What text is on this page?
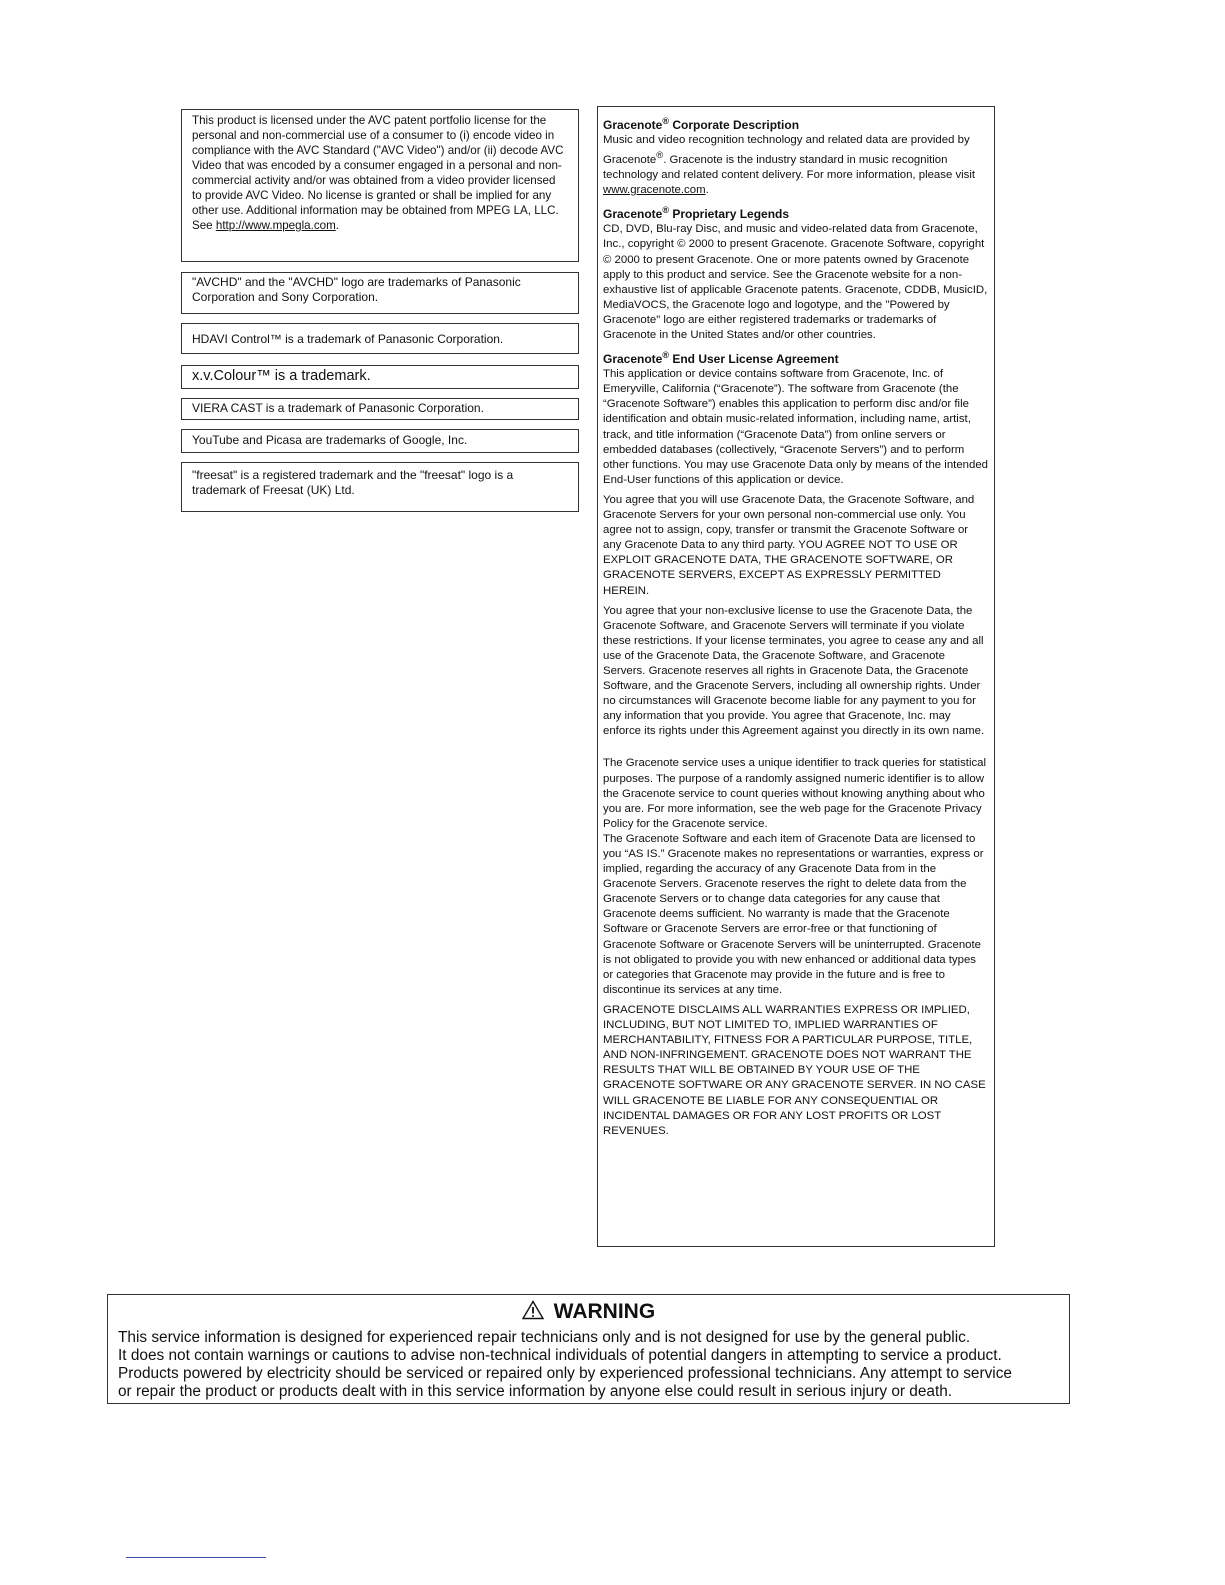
This product is licensed under the AVC patent portfolio license for the personal and non-commercial use of a consumer to (i) encode video in compliance with the AVC Standard ("AVC Video") and/or (ii) decode AVC Video that was encoded by a consumer engaged in a personal and non-commercial activity and/or was obtained from a video provider licensed to provide AVC Video. No license is granted or shall be implied for any other use. Additional information may be obtained from MPEG LA, LLC. See http://www.mpegla.com.

"AVCHD" and the "AVCHD" logo are trademarks of Panasonic Corporation and Sony Corporation.
HDAVI Control™ is a trademark of Panasonic Corporation.
x.v.Colour™ is a trademark.
VIERA CAST is a trademark of Panasonic Corporation.
YouTube and Picasa are trademarks of Google, Inc.
"freesat" is a registered trademark and the "freesat" logo is a trademark of Freesat (UK) Ltd.
Gracenote® Corporate Description

Music and video recognition technology and related data are provided by Gracenote®. Gracenote is the industry standard in music recognition technology and related content delivery. For more information, please visit www.gracenote.com.

Gracenote® Proprietary Legends

CD, DVD, Blu-ray Disc, and music and video-related data from Gracenote, Inc., copyright © 2000 to present Gracenote. Gracenote Software, copyright © 2000 to present Gracenote. One or more patents owned by Gracenote apply to this product and service. See the Gracenote website for a non-exhaustive list of applicable Gracenote patents. Gracenote, CDDB, MusicID, MediaVOCS, the Gracenote logo and logotype, and the "Powered by Gracenote" logo are either registered trademarks or trademarks of Gracenote in the United States and/or other countries.

Gracenote® End User License Agreement

This application or device contains software from Gracenote, Inc. of Emeryville, California (“Gracenote”). The software from Gracenote (the “Gracenote Software”) enables this application to perform disc and/or file identification and obtain music-related information, including name, artist, track, and title information (“Gracenote Data”) from online servers or embedded databases (collectively, “Gracenote Servers”) and to perform other functions. You may use Gracenote Data only by means of the intended End-User functions of this application or device.

You agree that you will use Gracenote Data, the Gracenote Software, and Gracenote Servers for your own personal non-commercial use only. You agree not to assign, copy, transfer or transmit the Gracenote Software or any Gracenote Data to any third party. YOU AGREE NOT TO USE OR EXPLOIT GRACENOTE DATA, THE GRACENOTE SOFTWARE, OR GRACENOTE SERVERS, EXCEPT AS EXPRESSLY PERMITTED HEREIN.

You agree that your non-exclusive license to use the Gracenote Data, the Gracenote Software, and Gracenote Servers will terminate if you violate these restrictions. If your license terminates, you agree to cease any and all use of the Gracenote Data, the Gracenote Software, and Gracenote Servers. Gracenote reserves all rights in Gracenote Data, the Gracenote Software, and the Gracenote Servers, including all ownership rights. Under no circumstances will Gracenote become liable for any payment to you for any information that you provide. You agree that Gracenote, Inc. may enforce its rights under this Agreement against you directly in its own name.

The Gracenote service uses a unique identifier to track queries for statistical purposes. The purpose of a randomly assigned numeric identifier is to allow the Gracenote service to count queries without knowing anything about who you are. For more information, see the web page for the Gracenote Privacy Policy for the Gracenote service.

The Gracenote Software and each item of Gracenote Data are licensed to you “AS IS.” Gracenote makes no representations or warranties, express or implied, regarding the accuracy of any Gracenote Data from in the Gracenote Servers. Gracenote reserves the right to delete data from the Gracenote Servers or to change data categories for any cause that Gracenote deems sufficient. No warranty is made that the Gracenote Software or Gracenote Servers are error-free or that functioning of Gracenote Software or Gracenote Servers will be uninterrupted. Gracenote is not obligated to provide you with new enhanced or additional data types or categories that Gracenote may provide in the future and is free to discontinue its services at any time.

GRACENOTE DISCLAIMS ALL WARRANTIES EXPRESS OR IMPLIED, INCLUDING, BUT NOT LIMITED TO, IMPLIED WARRANTIES OF MERCHANTABILITY, FITNESS FOR A PARTICULAR PURPOSE, TITLE, AND NON-INFRINGEMENT. GRACENOTE DOES NOT WARRANT THE RESULTS THAT WILL BE OBTAINED BY YOUR USE OF THE GRACENOTE SOFTWARE OR ANY GRACENOTE SERVER. IN NO CASE WILL GRACENOTE BE LIABLE FOR ANY CONSEQUENTIAL OR INCIDENTAL DAMAGES OR FOR ANY LOST PROFITS OR LOST REVENUES.

WARNING
This service information is designed for experienced repair technicians only and is not designed for use by the general public.
It does not contain warnings or cautions to advise non-technical individuals of potential dangers in attempting to service a product.
Products powered by electricity should be serviced or repaired only by experienced professional technicians. Any attempt to service
or repair the product or products dealt with in this service information by anyone else could result in serious injury or death.
